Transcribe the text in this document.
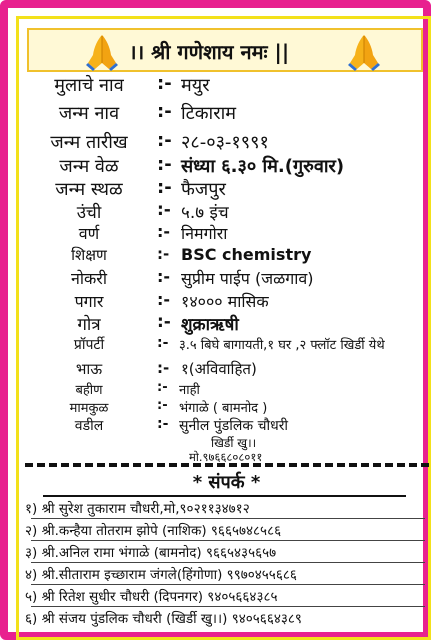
।। श्री गणेशाय नमः ||
मुलाचे नाव	:- मयुर
जन्म नाव	:- टिकाराम
जन्म तारीख	:- २८-०३-१९९१
जन्म वेळ	:- संध्या ६.३० मि.(गुरुवार)
जन्म स्थळ	:- फैजपुर
उंची	:- ५.७ इंच
वर्ण	:- निमगोरा
शिक्षण	:- BSC chemistry
नोकरी	:- सुप्रीम पाईप (जळगाव)
पगार	:- १४००० मासिक
गोत्र	:- शुक्राऋषी
प्रॉपर्टी	:- ३.५ बिघे बागायती,१ घर ,२ फ्लॉट खिर्डी येथे
भाऊ	:- १(अविवाहित)
बहीण	:- नाही
मामकुळ	:- भंगाळे ( बामनोद )
वडील	:- सुनील पुंडलिक चौधरी
खिर्डी खु।।
मो.९७६६८०८०११
* संपर्क *
१) श्री सुरेश तुकाराम चौधरी,मो,९०२११३४७१२
२) श्री.कन्हैया तोतराम झोपे (नाशिक) ९६६५७४८५८६
३) श्री.अनिल रामा भंगाळे (बामनोद) ९६६५४३५६५७
४) श्री.सीताराम इच्छाराम जंगले(हिंगोणा) ९९७०४५५६८६
५) श्री रितेश सुधीर चौधरी (दिपनगर) ९४०५६६४३८५
६) श्री संजय पुंडलिक चौधरी (खिर्डी खु।।) ९४०५६६४३८९
